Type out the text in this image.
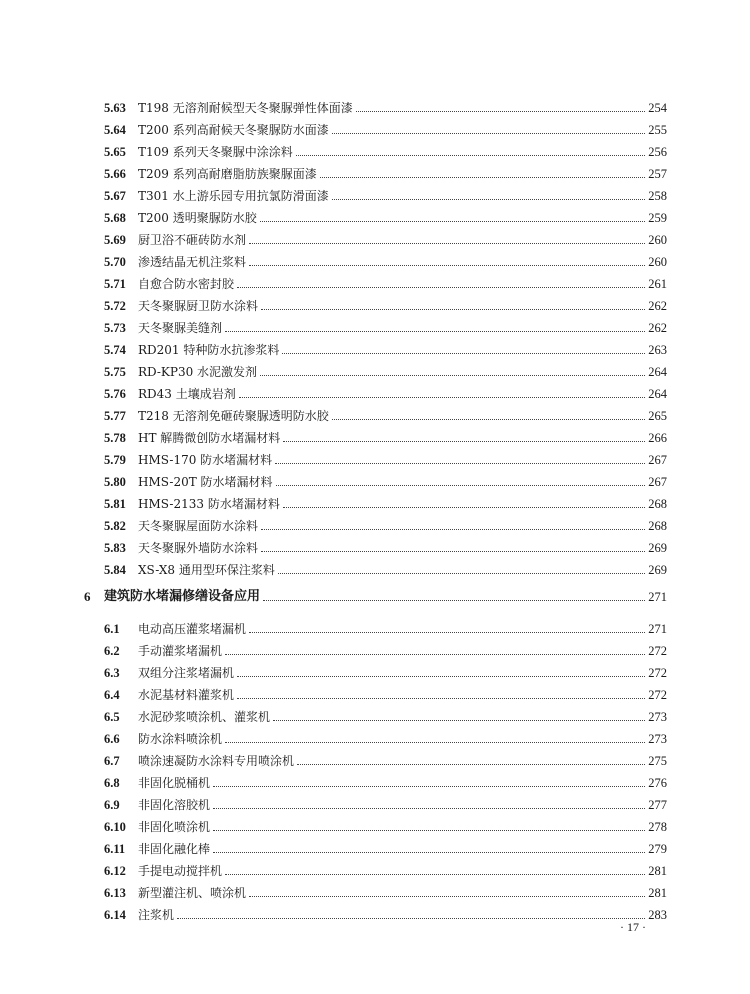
5.63	T198 无溶剂耐候型天冬聚脲弹性体面漆	254
5.64	T200 系列高耐候天冬聚脲防水面漆	255
5.65	T109 系列天冬聚脲中涂涂料	256
5.66	T209 系列高耐磨脂肪族聚脲面漆	257
5.67	T301 水上游乐园专用抗氯防滑面漆	258
5.68	T200 透明聚脲防水胶	259
5.69	厨卫浴不砸砖防水剂	260
5.70	渗透结晶无机注浆料	260
5.71	自愈合防水密封胶	261
5.72	天冬聚脲厨卫防水涂料	262
5.73	天冬聚脲美缝剂	262
5.74	RD201 特种防水抗渗浆料	263
5.75	RD-KP30 水泥激发剂	264
5.76	RD43 土壤成岩剂	264
5.77	T218 无溶剂免砸砖聚脲透明防水胶	265
5.78	HT 解腾微创防水堵漏材料	266
5.79	HMS-170 防水堵漏材料	267
5.80	HMS-20T 防水堵漏材料	267
5.81	HMS-2133 防水堵漏材料	268
5.82	天冬聚脲屋面防水涂料	268
5.83	天冬聚脲外墙防水涂料	269
5.84	XS-X8 通用型环保注浆料	269
6	建筑防水堵漏修缮设备应用	271
6.1	电动高压灌浆堵漏机	271
6.2	手动灌浆堵漏机	272
6.3	双组分注浆堵漏机	272
6.4	水泥基材料灌浆机	272
6.5	水泥砂浆喷涂机、灌浆机	273
6.6	防水涂料喷涂机	273
6.7	喷涂速凝防水涂料专用喷涂机	275
6.8	非固化脱桶机	276
6.9	非固化溶胶机	277
6.10	非固化喷涂机	278
6.11	非固化融化棒	279
6.12	手提电动搅拌机	281
6.13	新型灌注机、喷涂机	281
6.14	注浆机	283
· 17 ·
